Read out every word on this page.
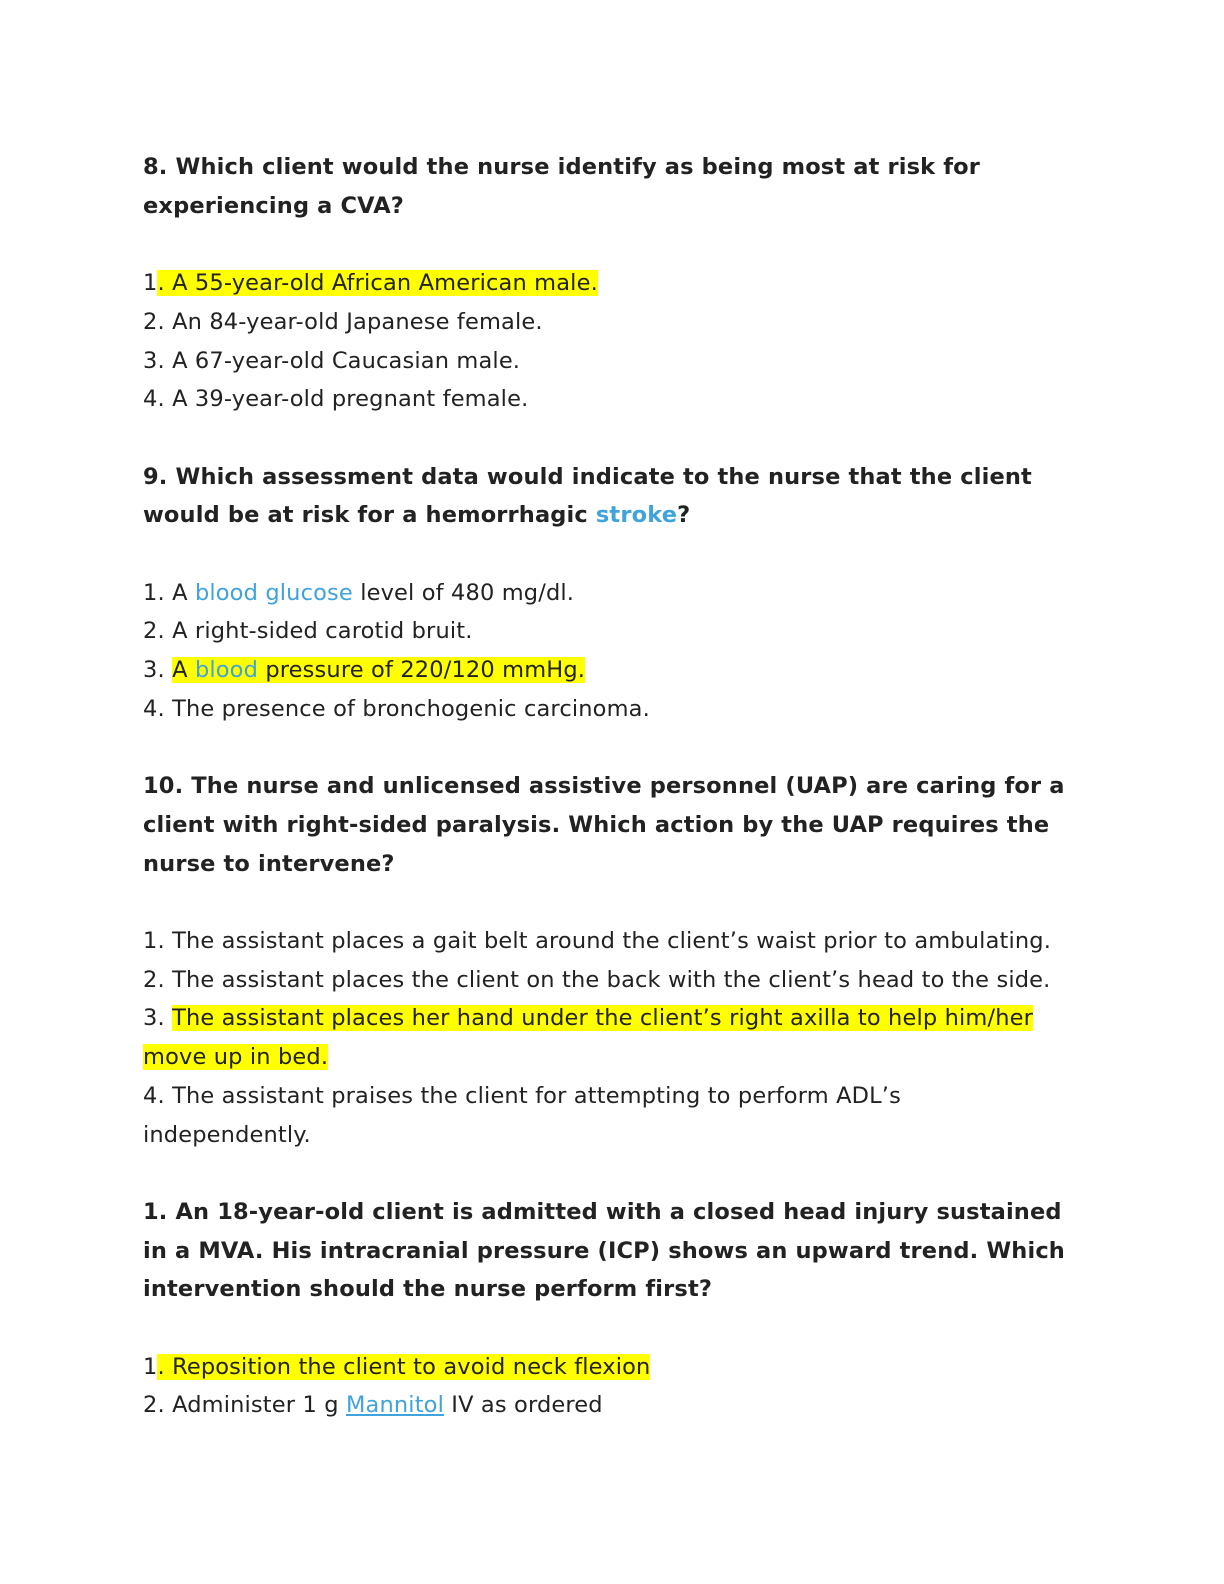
8. Which client would the nurse identify as being most at risk for experiencing a CVA?

1. A 55-year-old African American male.

2. An 84-year-old Japanese female.

3. A 67-year-old Caucasian male.

4. A 39-year-old pregnant female.

9. Which assessment data would indicate to the nurse that the client would be at risk for a hemorrhagic stroke?

1. A blood glucose level of 480 mg/dl.

2. A right-sided carotid bruit.

3. A blood pressure of 220/120 mmHg.

4. The presence of bronchogenic carcinoma.

10. The nurse and unlicensed assistive personnel (UAP) are caring for a client with right-sided paralysis. Which action by the UAP requires the nurse to intervene?

1. The assistant places a gait belt around the client’s waist prior to ambulating.

2. The assistant places the client on the back with the client’s head to the side.

3. The assistant places her hand under the client’s right axilla to help him/her
move up in bed.

4. The assistant praises the client for attempting to perform ADL’s independently.

1. An 18-year-old client is admitted with a closed head injury sustained in a MVA. His intracranial pressure (ICP) shows an upward trend. Which intervention should the nurse perform first?

1. Reposition the client to avoid neck flexion

2. Administer 1 g Mannitol IV as ordered
